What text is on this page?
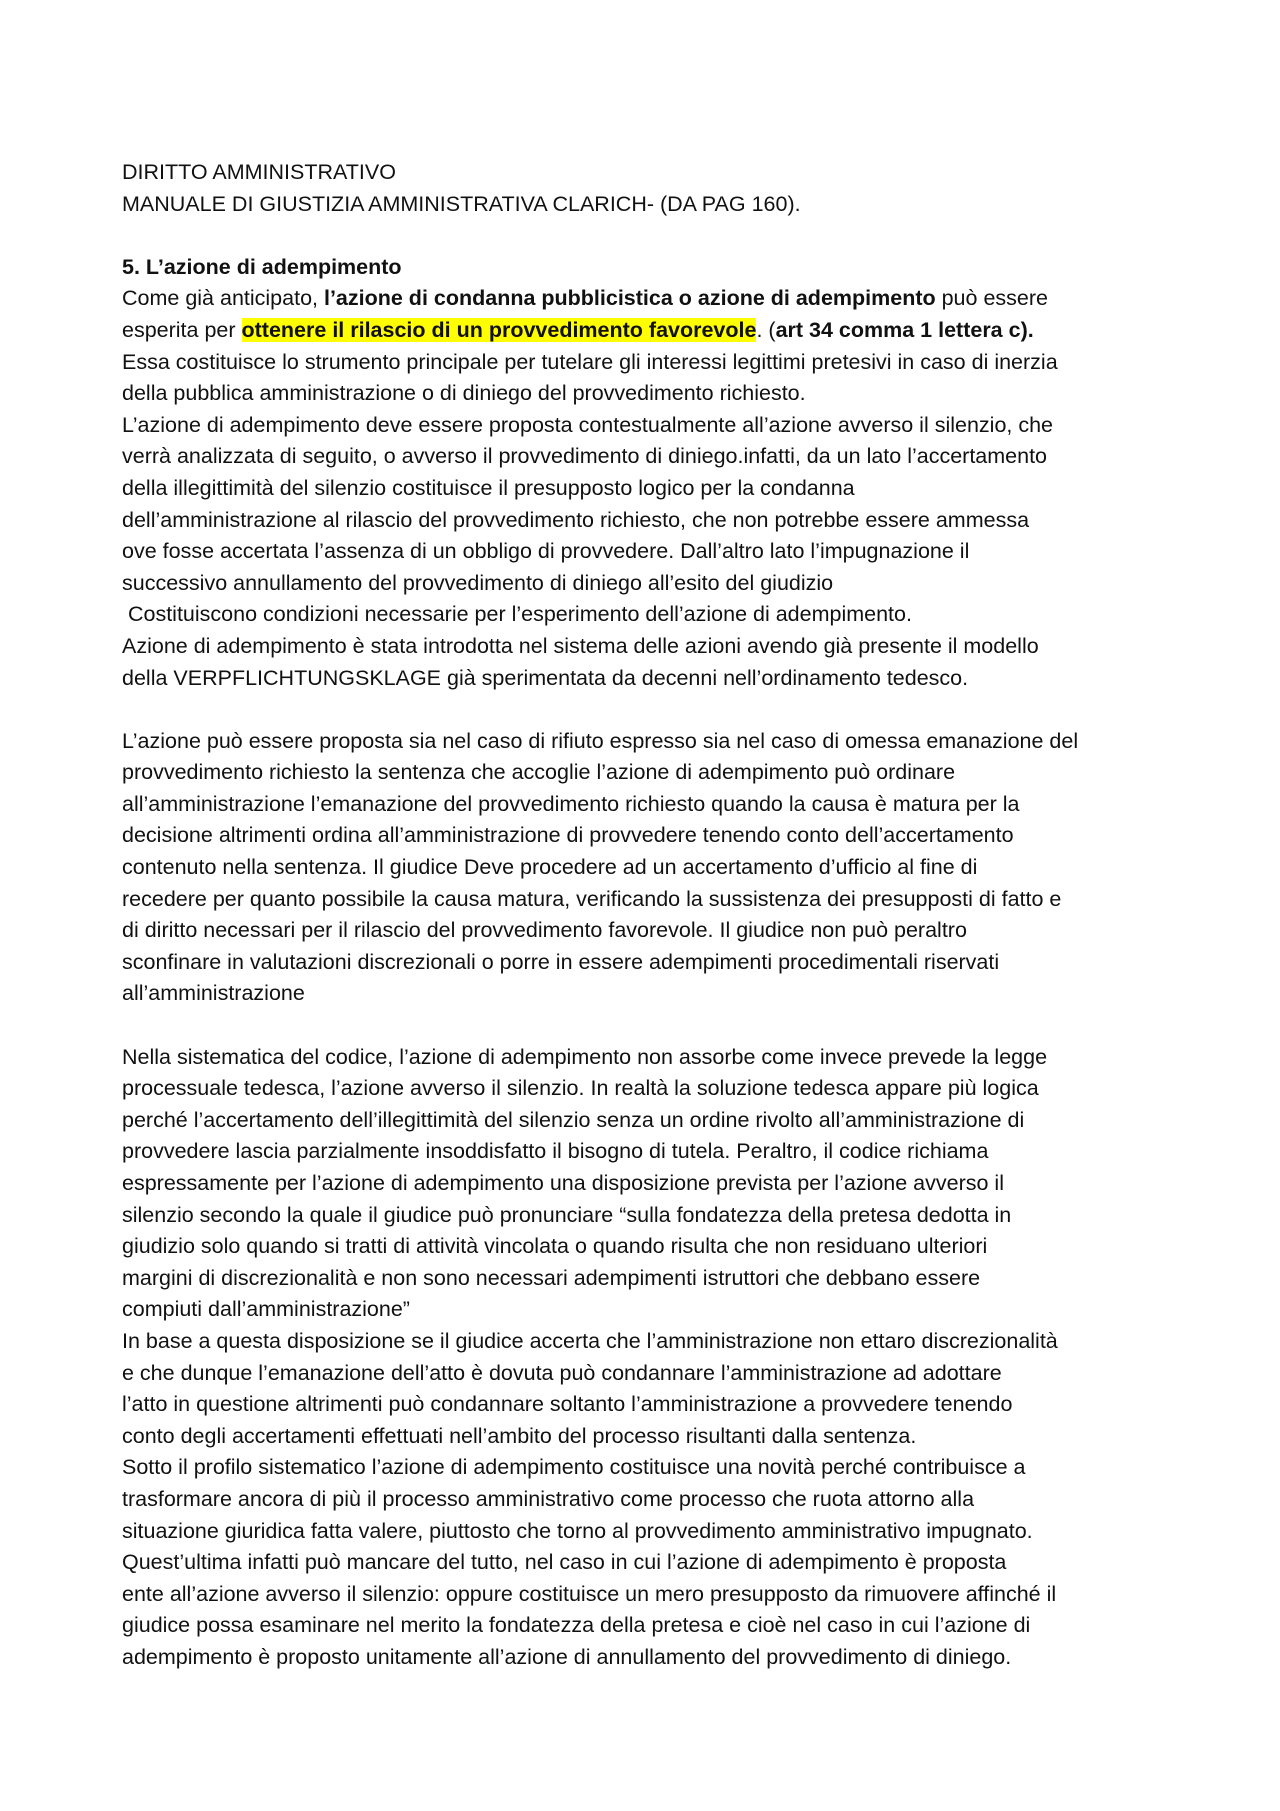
DIRITTO AMMINISTRATIVO
MANUALE DI GIUSTIZIA AMMINISTRATIVA CLARICH- (DA PAG 160).
5. L’azione di adempimento
Come già anticipato, l’azione di condanna pubblicistica o azione di adempimento può essere
esperita per ottenere il rilascio di un provvedimento favorevole. (art 34 comma 1 lettera c).
Essa costituisce lo strumento principale per tutelare gli interessi legittimi pretesivi in caso di inerzia
della pubblica amministrazione o di diniego del provvedimento richiesto.
L’azione di adempimento deve essere proposta contestualmente all’azione avverso il silenzio, che
verrà analizzata di seguito, o avverso il provvedimento di diniego.infatti, da un lato l’accertamento
della illegittimità del silenzio costituisce il presupposto logico per la condanna
dell’amministrazione al rilascio del provvedimento richiesto, che non potrebbe essere ammessa
ove fosse accertata l’assenza di un obbligo di provvedere. Dall’altro lato l’impugnazione il
successivo annullamento del provvedimento di diniego all’esito del giudizio
Costituiscono condizioni necessarie per l’esperimento dell’azione di adempimento.
Azione di adempimento è stata introdotta nel sistema delle azioni avendo già presente il modello
della VERPFLICHTUNGSKLAGE già sperimentata da decenni nell’ordinamento tedesco.
L’azione può essere proposta sia nel caso di rifiuto espresso sia nel caso di omessa emanazione del
provvedimento richiesto la sentenza che accoglie l’azione di adempimento può ordinare
all’amministrazione l’emanazione del provvedimento richiesto quando la causa è matura per la
decisione altrimenti ordina all’amministrazione di provvedere tenendo conto dell’accertamento
contenuto nella sentenza. Il giudice Deve procedere ad un accertamento d’ufficio al fine di
recedere per quanto possibile la causa matura, verificando la sussistenza dei presupposti di fatto e
di diritto necessari per il rilascio del provvedimento favorevole. Il giudice non può peraltro
sconfinare in valutazioni discrezionali o porre in essere adempimenti procedimentali riservati
all’amministrazione
Nella sistematica del codice, l’azione di adempimento non assorbe come invece prevede la legge
processuale tedesca, l’azione avverso il silenzio. In realtà la soluzione tedesca appare più logica
perché l’accertamento dell’illegittimità del silenzio senza un ordine rivolto all’amministrazione di
provvedere lascia parzialmente insoddisfatto il bisogno di tutela. Peraltro, il codice richiama
espressamente per l’azione di adempimento una disposizione prevista per l’azione avverso il
silenzio secondo la quale il giudice può pronunciare “sulla fondatezza della pretesa dedotta in
giudizio solo quando si tratti di attività vincolata o quando risulta che non residuano ulteriori
margini di discrezionalità e non sono necessari adempimenti istruttori che debbano essere
compiuti dall’amministrazione”
In base a questa disposizione se il giudice accerta che l’amministrazione non ettaro discrezionalità
e che dunque l’emanazione dell’atto è dovuta può condannare l’amministrazione ad adottare
l’atto in questione altrimenti può condannare soltanto l’amministrazione a provvedere tenendo
conto degli accertamenti effettuati nell’ambito del processo risultanti dalla sentenza.
Sotto il profilo sistematico l’azione di adempimento costituisce una novità perché contribuisce a
trasformare ancora di più il processo amministrativo come processo che ruota attorno alla
situazione giuridica fatta valere, piuttosto che torno al provvedimento amministrativo impugnato.
Quest’ultima infatti può mancare del tutto, nel caso in cui l’azione di adempimento è proposta
ente all’azione avverso il silenzio: oppure costituisce un mero presupposto da rimuovere affinché il
giudice possa esaminare nel merito la fondatezza della pretesa e cioè nel caso in cui l’azione di
adempimento è proposto unitamente all’azione di annullamento del provvedimento di diniego.
